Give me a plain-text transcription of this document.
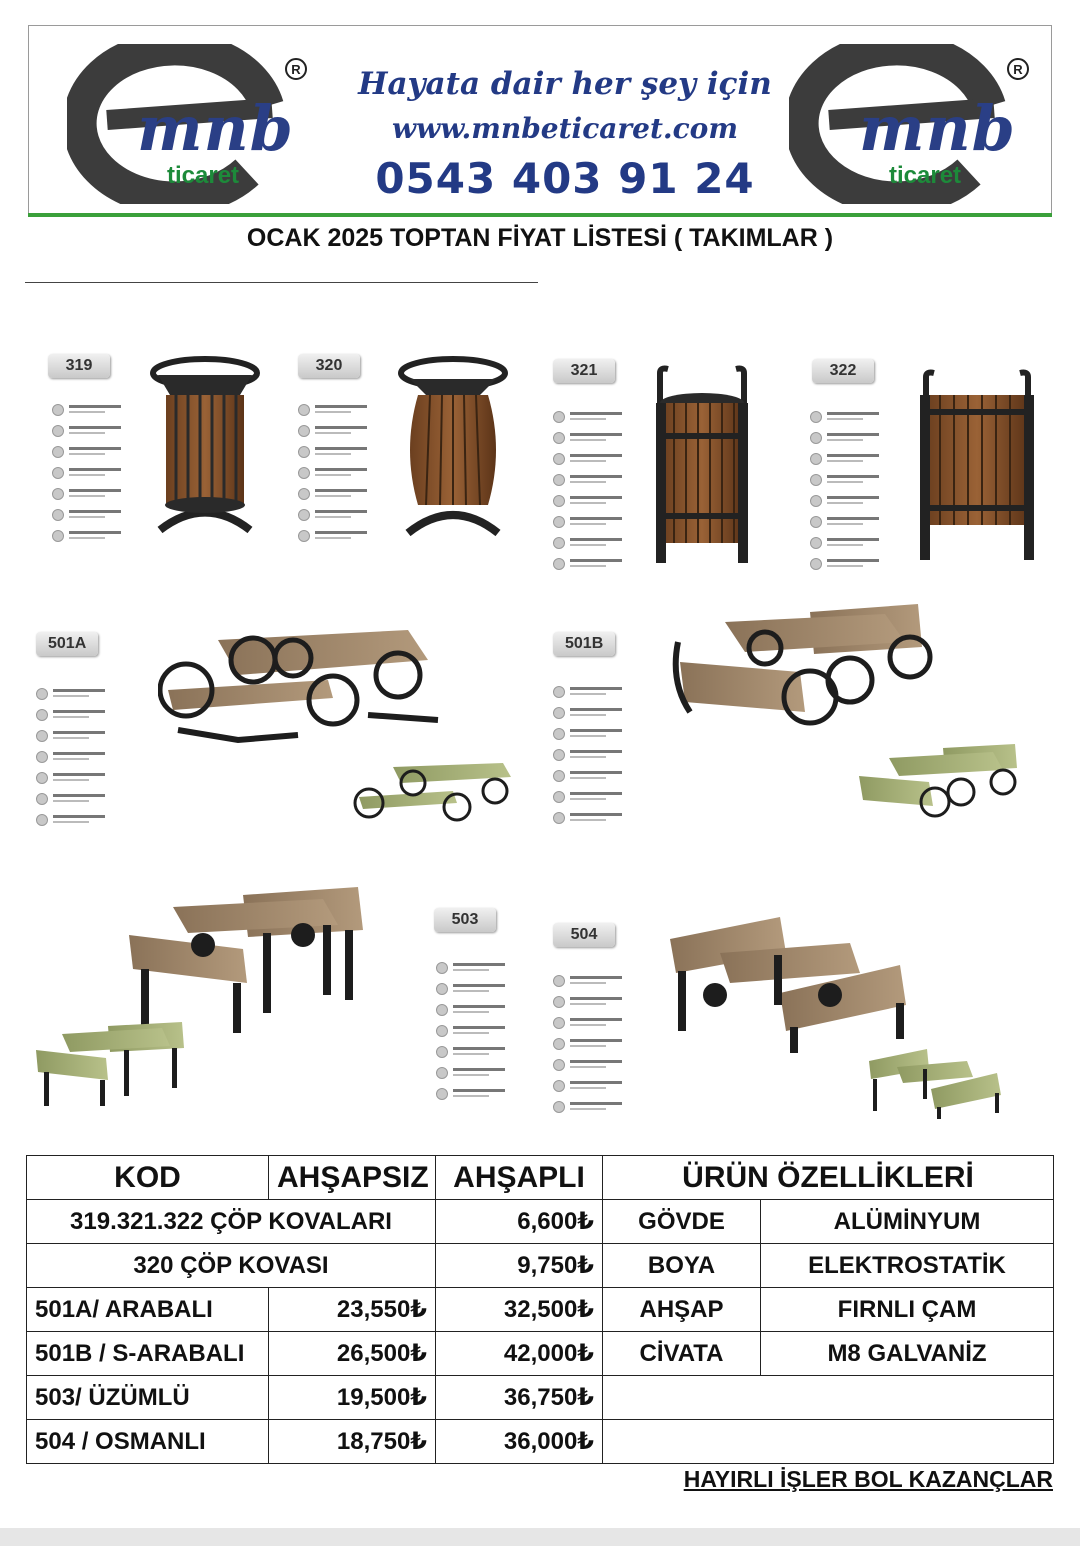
R
mnb
ticaret
Hayata dair her şey için
www.mnbeticaret.com
0543 403 91 24
R
mnb
ticaret
OCAK 2025 TOPTAN FİYAT LİSTESİ ( TAKIMLAR )
319	320	321	322
501A	501B
503
504
KOD	AHŞAPSIZ	AHŞAPLI	ÜRÜN ÖZELLİKLERİ	
319.321.322 ÇÖP KOVALARI		6,600₺	GÖVDE	ALÜMİNYUM
320 ÇÖP KOVASI		9,750₺	BOYA	ELEKTROSTATİK
501A/ ARABALI	23,550₺	32,500₺	AHŞAP	FIRNLI ÇAM
501B / S-ARABALI	26,500₺	42,000₺	CİVATA	M8 GALVANİZ
503/ ÜZÜMLÜ	19,500₺	36,750₺		
504 / OSMANLI	18,750₺	36,000₺		
HAYIRLI İŞLER BOL KAZANÇLAR
